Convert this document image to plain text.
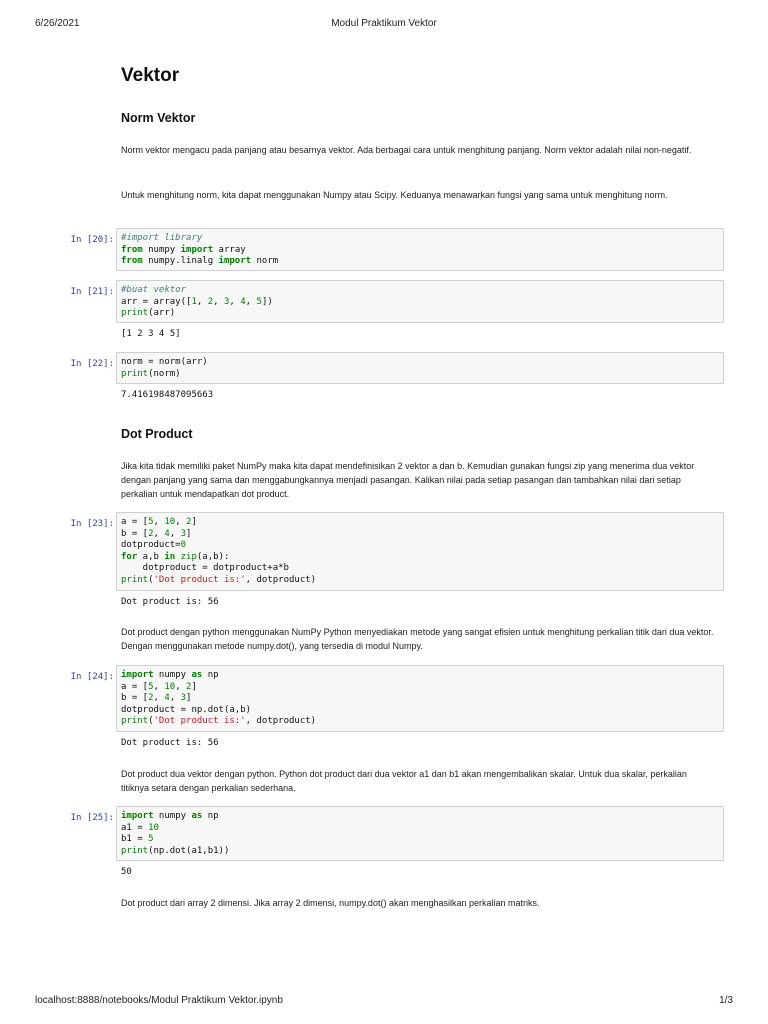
6/26/2021	Modul Praktikum Vektor
Vektor
Norm Vektor

Norm vektor mengacu pada panjang atau besarnya vektor. Ada berbagai cara untuk menghitung panjang. Norm vektor adalah nilai non-negatif.

Untuk menghitung norm, kita dapat menggunakan Numpy atau Scipy. Keduanya menawarkan fungsi yang sama untuk menghitung norm.

In [20]: #import library
from numpy import array
from numpy.linalg import norm
In [21]: #buat vektor
arr = array([1, 2, 3, 4, 5])
print(arr)
[1 2 3 4 5]
In [22]: norm = norm(arr)
print(norm)
7.416198487095663
Dot Product

Jika kita tidak memiliki paket NumPy maka kita dapat mendefinisikan 2 vektor a dan b. Kemudian gunakan fungsi zip yang menerima dua vektor dengan panjang yang sama dan menggabungkannya menjadi pasangan. Kalikan nilai pada setiap pasangan dan tambahkan nilai dari setiap perkalian untuk mendapatkan dot product.

In [23]: a = [5, 10, 2]
b = [2, 4, 3]
dotproduct=0
for a,b in zip(a,b):
dotproduct = dotproduct+a*b
print('Dot product is:', dotproduct)
Dot product is: 56

Dot product dengan python menggunakan NumPy Python menyediakan metode yang sangat efisien untuk menghitung perkalian titik dari dua vektor. Dengan menggunakan metode numpy.dot(), yang tersedia di modul Numpy.

In [24]: import numpy as np
a = [5, 10, 2]
b = [2, 4, 3]
dotproduct = np.dot(a,b)
print('Dot product is:', dotproduct)
Dot product is: 56

Dot product dua vektor dengan python. Python dot product dari dua vektor a1 dan b1 akan mengembalikan skalar. Untuk dua skalar, perkalian titiknya setara dengan perkalian sederhana.

In [25]: import numpy as np
a1 = 10
b1 = 5
print(np.dot(a1,b1))
50

Dot product dari array 2 dimensi. Jika array 2 dimensi, numpy.dot() akan menghasilkan perkalian matriks.

localhost:8888/notebooks/Modul Praktikum Vektor.ipynb	1/3
